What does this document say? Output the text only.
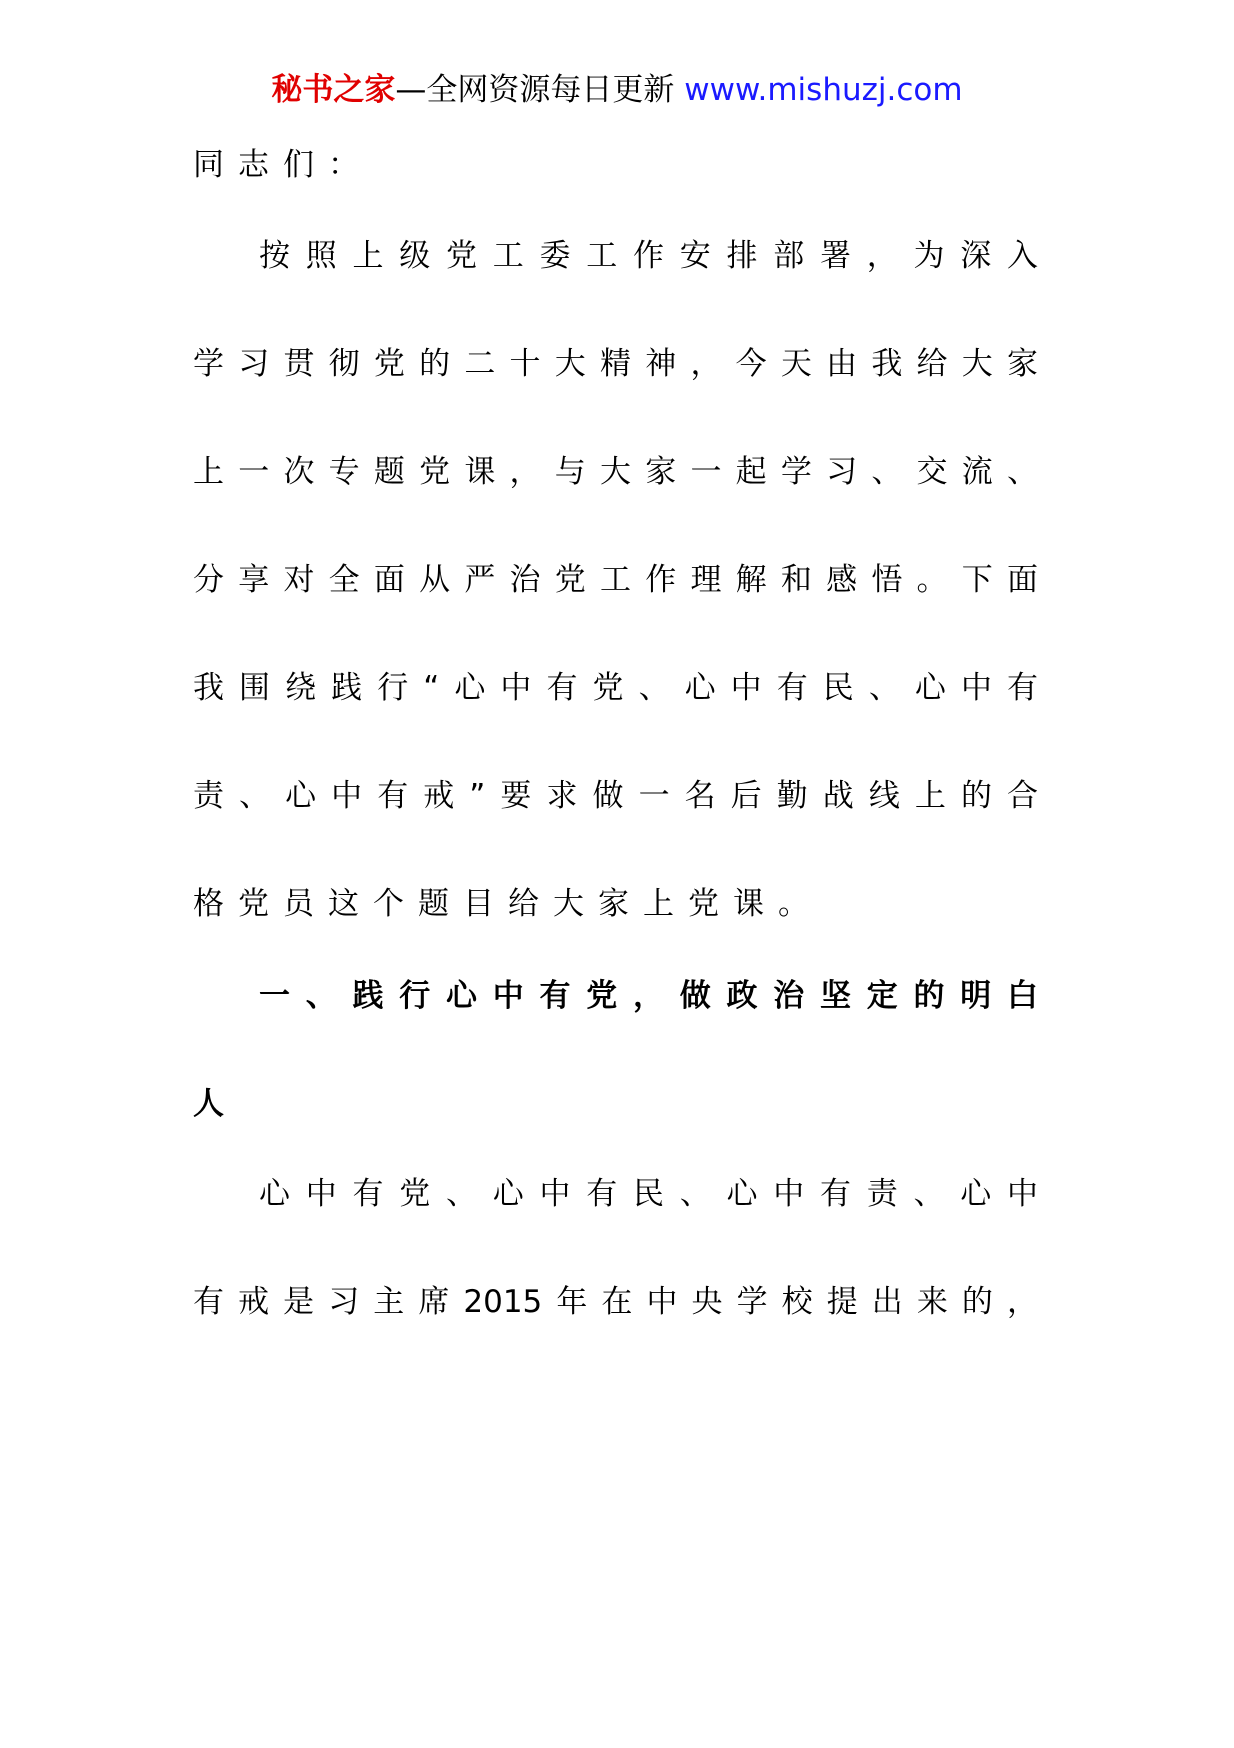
秘书之家—全网资源每日更新 www.mishuzj.com
同志们：
按照上级党工委工作安排部署，为深入
学习贯彻党的二十大精神，今天由我给大家
上一次专题党课，与大家一起学习、交流、
分享对全面从严治党工作理解和感悟。下面
我围绕践行“心中有党、心中有民、心中有
责、心中有戒”要求做一名后勤战线上的合
格党员这个题目给大家上党课。
一、践行心中有党，做政治坚定的明白
人
心中有党、心中有民、心中有责、心中
有戒是习主席2015年在中央学校提出来的，
